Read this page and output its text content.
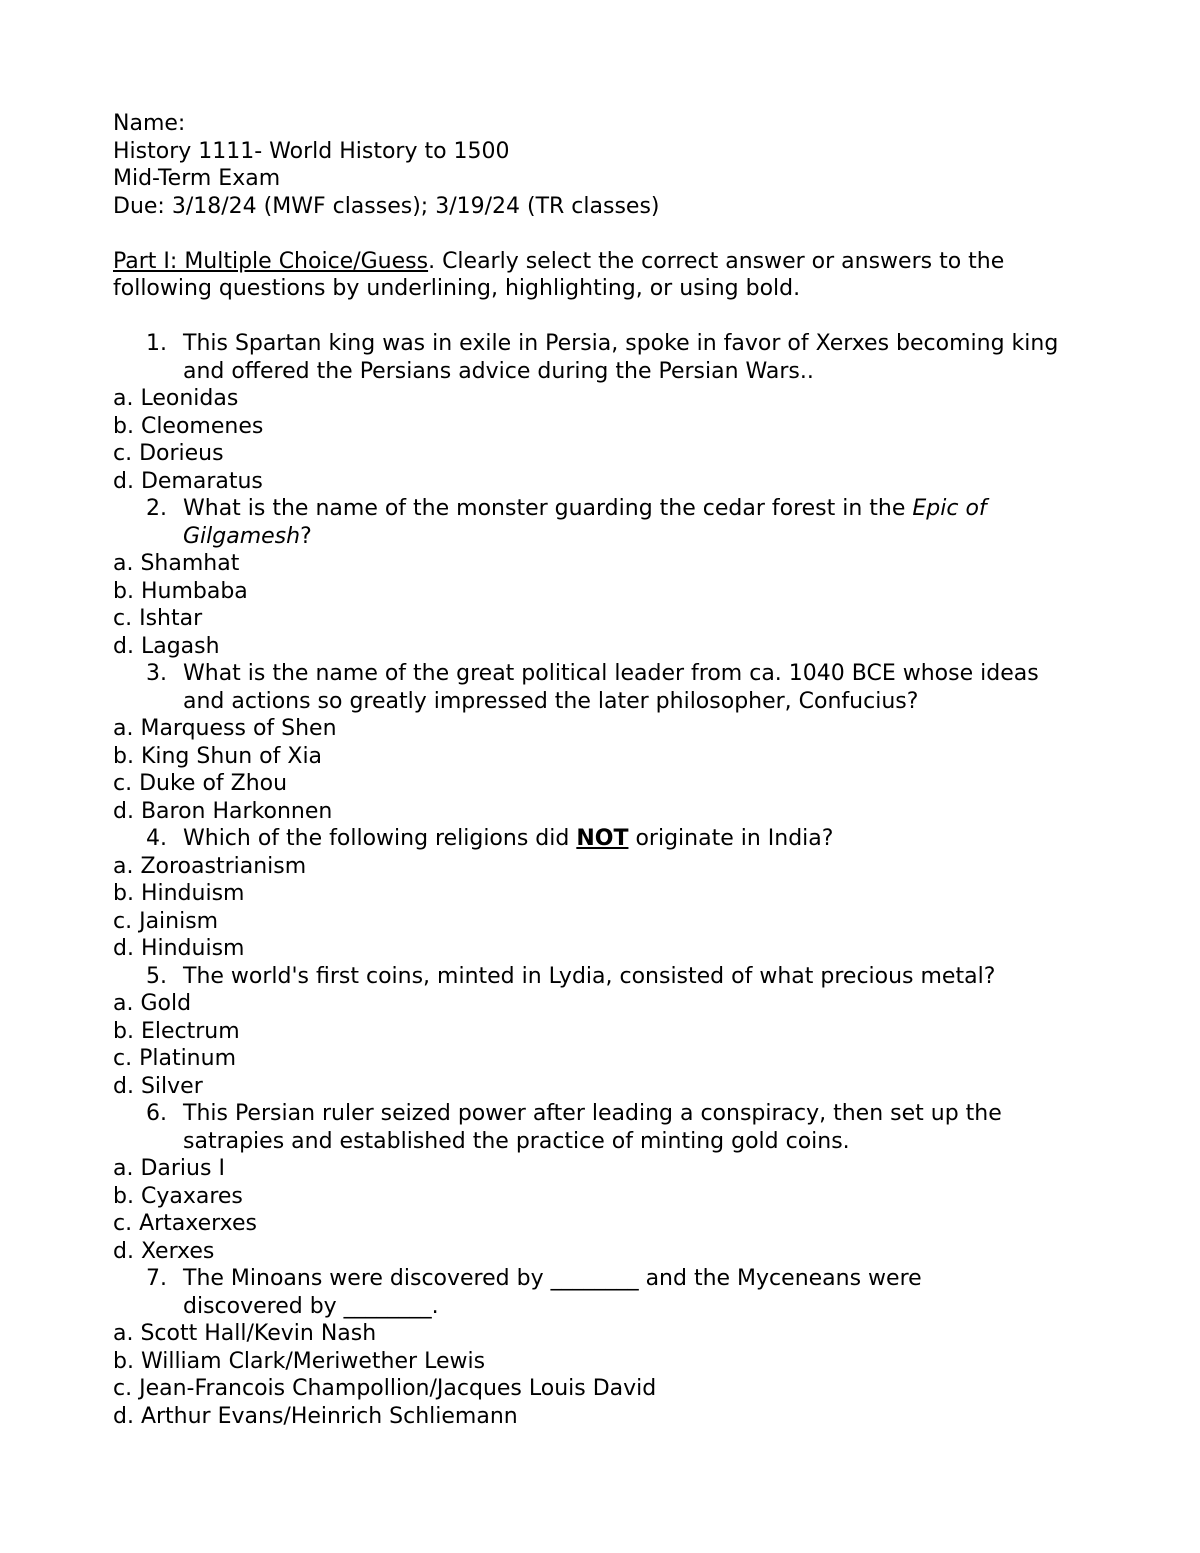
Name:

History 1111- World History to 1500

Mid-Term Exam

Due: 3/18/24 (MWF classes); 3/19/24 (TR classes)

Part I: Multiple Choice/Guess. Clearly select the correct answer or answers to the following questions by underlining, highlighting, or using bold.

1. This Spartan king was in exile in Persia, spoke in favor of Xerxes becoming king and offered the Persians advice during the Persian Wars..

a. Leonidas

b. Cleomenes

c. Dorieus

d. Demaratus

2. What is the name of the monster guarding the cedar forest in the Epic of Gilgamesh?

a. Shamhat

b. Humbaba

c. Ishtar

d. Lagash

3. What is the name of the great political leader from ca. 1040 BCE whose ideas and actions so greatly impressed the later philosopher, Confucius?

a. Marquess of Shen

b. King Shun of Xia

c. Duke of Zhou

d. Baron Harkonnen

4. Which of the following religions did NOT originate in India?

a. Zoroastrianism

b. Hinduism

c. Jainism

d. Hinduism

5. The world's first coins, minted in Lydia, consisted of what precious metal?

a. Gold

b. Electrum

c. Platinum

d. Silver

6. This Persian ruler seized power after leading a conspiracy, then set up the satrapies and established the practice of minting gold coins.

a. Darius I

b. Cyaxares

c. Artaxerxes

d. Xerxes

7. The Minoans were discovered by ________ and the Myceneans were discovered by ________.

a. Scott Hall/Kevin Nash

b. William Clark/Meriwether Lewis

c. Jean-Francois Champollion/Jacques Louis David

d. Arthur Evans/Heinrich Schliemann
